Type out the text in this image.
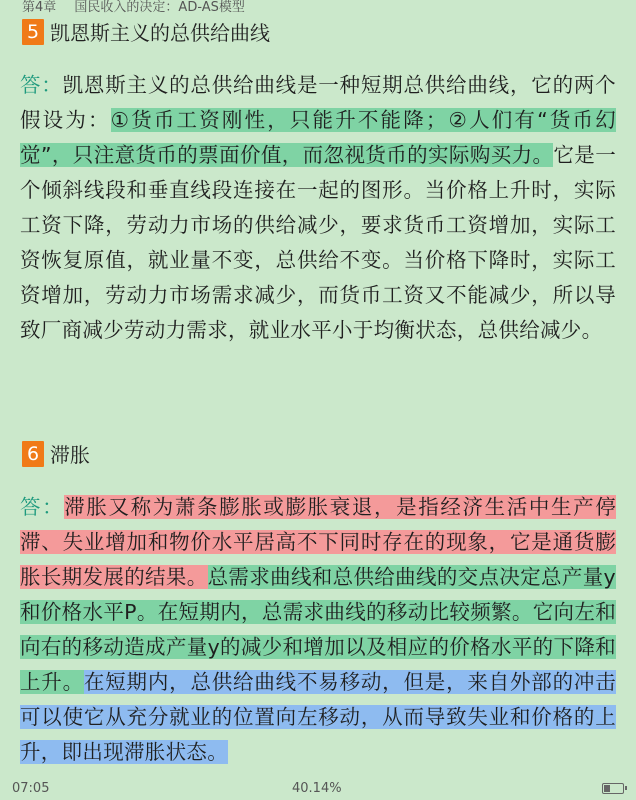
第4章 国民收入的决定：AD-AS模型
5 凯恩斯主义的总供给曲线
答：凯恩斯主义的总供给曲线是一种短期总供给曲线，它的两个假设为：①货币工资刚性，只能升不能降；②人们有“货币幻觉”，只注意货币的票面价值，而忽视货币的实际购买力。它是一个倾斜线段和垂直线段连接在一起的图形。当价格上升时，实际工资下降，劳动力市场的供给减少，要求货币工资增加，实际工资恢复原值，就业量不变，总供给不变。当价格下降时，实际工资增加，劳动力市场需求减少，而货币工资又不能减少，所以导致厂商减少劳动力需求，就业水平小于均衡状态，总供给减少。
6 滞胀
答：滞胀又称为萧条膨胀或膨胀衰退，是指经济生活中生产停滞、失业增加和物价水平居高不下同时存在的现象，它是通货膨胀长期发展的结果。总需求曲线和总供给曲线的交点决定总产量y和价格水平P。在短期内，总需求曲线的移动比较频繁。它向左和向右的移动造成产量y的减少和增加以及相应的价格水平的下降和上升。在短期内，总供给曲线不易移动，但是，来自外部的冲击可以使它从充分就业的位置向左移动，从而导致失业和价格的上升，即出现滞胀状态。
07:05	40.14%
